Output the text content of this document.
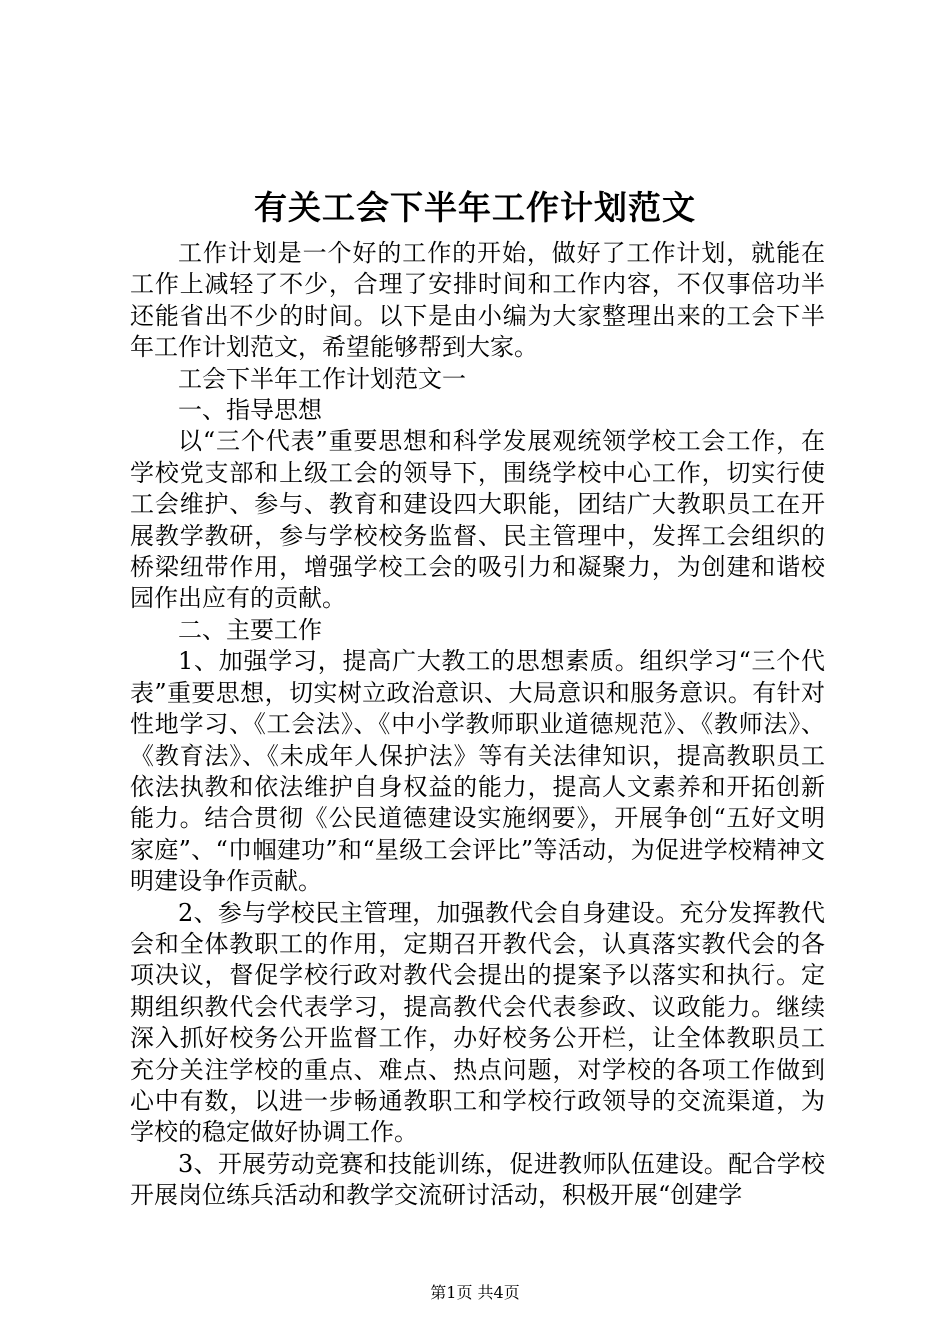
有关工会下半年工作计划范文

工作计划是一个好的工作的开始，做好了工作计划，就能在工作上减轻了不少，合理了安排时间和工作内容，不仅事倍功半还能省出不少的时间。以下是由小编为大家整理出来的工会下半年工作计划范文，希望能够帮到大家。

工会下半年工作计划范文一

一、指导思想

以“三个代表”重要思想和科学发展观统领学校工会工作，在学校党支部和上级工会的领导下，围绕学校中心工作，切实行使工会维护、参与、教育和建设四大职能，团结广大教职员工在开展教学教研，参与学校校务监督、民主管理中，发挥工会组织的桥梁纽带作用，增强学校工会的吸引力和凝聚力，为创建和谐校园作出应有的贡献。

二、主要工作

1、加强学习，提高广大教工的思想素质。组织学习“三个代表”重要思想，切实树立政治意识、大局意识和服务意识。有针对性地学习、《工会法》、《中小学教师职业道德规范》、《教师法》、《教育法》、《未成年人保护法》等有关法律知识，提高教职员工依法执教和依法维护自身权益的能力，提高人文素养和开拓创新能力。结合贯彻《公民道德建设实施纲要》，开展争创“五好文明家庭”、“巾帼建功”和“星级工会评比”等活动，为促进学校精神文明建设争作贡献。

2、参与学校民主管理，加强教代会自身建设。充分发挥教代会和全体教职工的作用，定期召开教代会，认真落实教代会的各项决议，督促学校行政对教代会提出的提案予以落实和执行。定期组织教代会代表学习，提高教代会代表参政、议政能力。继续深入抓好校务公开监督工作，办好校务公开栏，让全体教职员工充分关注学校的重点、难点、热点问题，对学校的各项工作做到心中有数，以进一步畅通教职工和学校行政领导的交流渠道，为学校的稳定做好协调工作。

3、开展劳动竞赛和技能训练，促进教师队伍建设。配合学校开展岗位练兵活动和教学交流研讨活动，积极开展“创建学

第1页 共4页
